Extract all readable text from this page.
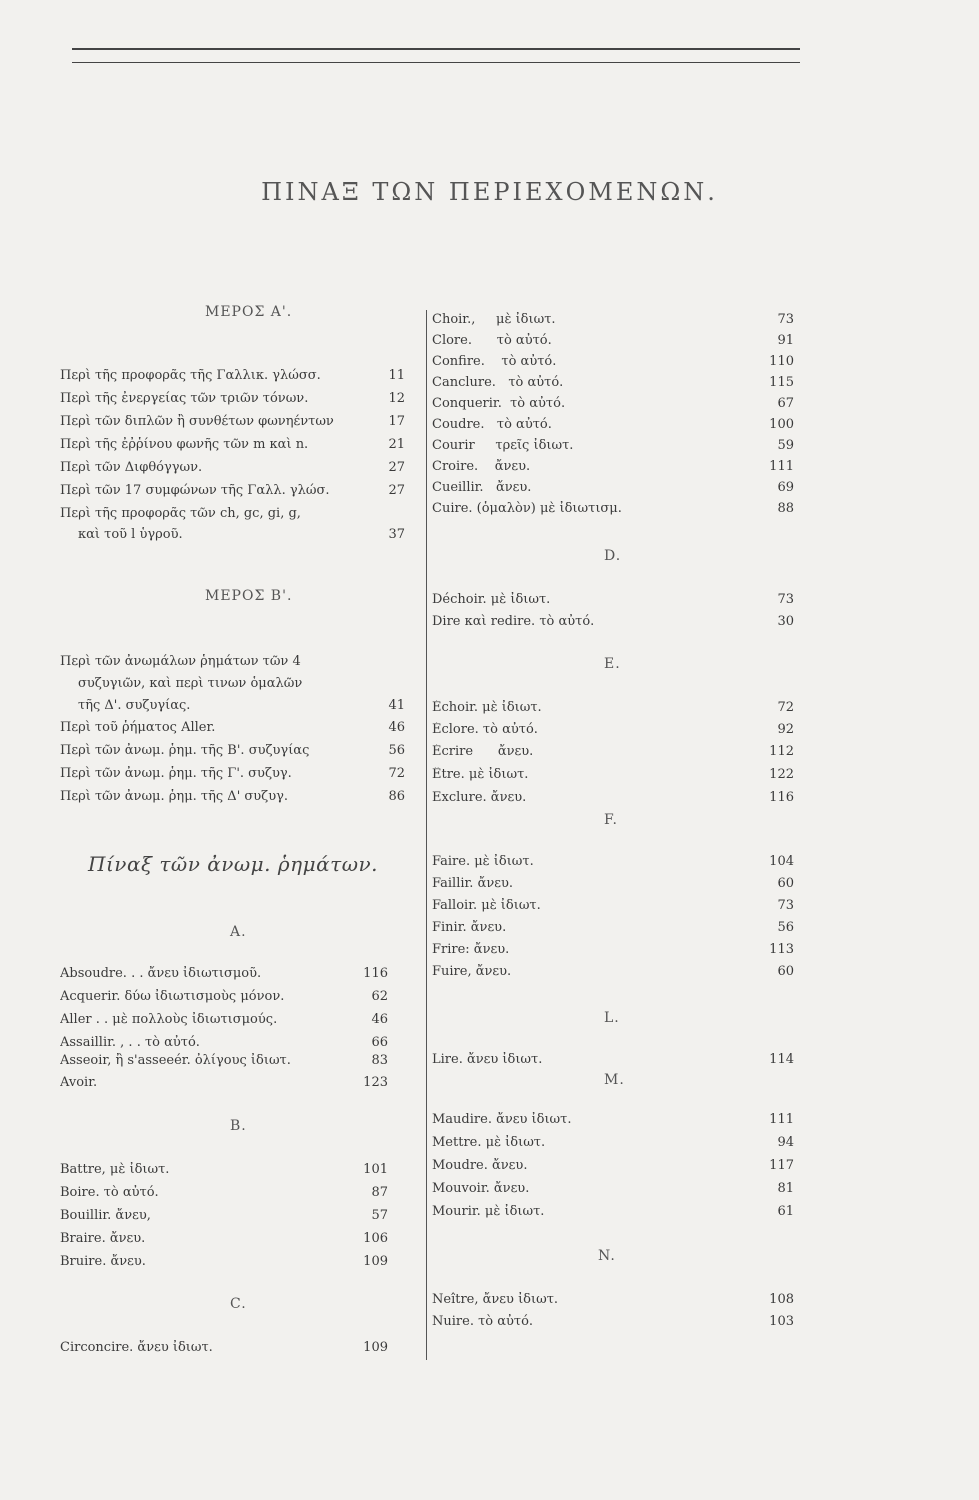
ΠΙΝΑΞ ΤΩΝ ΠΕΡΙΕΧΟΜΕΝΩΝ.
ΜΕΡΟΣ Α'.
Περὶ τῆς προφορᾶς τῆς Γαλλικ. γλώσσ.	11
Περὶ τῆς ἐνεργείας τῶν τριῶν τόνων.	12
Περὶ τῶν διπλῶν ἢ συνθέτων φωνηέντων	17
Περὶ τῆς ἐῤῥίνου φωνῆς τῶν m καὶ n.	21
Περὶ τῶν Διφθόγγων.	27
Περὶ τῶν 17 συμφώνων τῆς Γαλλ. γλώσ.	27
Περὶ τῆς προφορᾶς τῶν ch, gc, gi, g,
καὶ τοῦ l ὑγροῦ.	37
ΜΕΡΟΣ Β'.
Περὶ τῶν ἀνωμάλων ῥημάτων τῶν 4
συζυγιῶν, καὶ περὶ τινων ὁμαλῶν
τῆς Δ'. συζυγίας.	41
Περὶ τοῦ ῥήματος Aller.	46
Περὶ τῶν ἀνωμ. ῥημ. τῆς Β'. συζυγίας	56
Περὶ τῶν ἀνωμ. ῥημ. τῆς Γ'. συζυγ.	72
Περὶ τῶν ἀνωμ. ῥημ. τῆς Δ' συζυγ.	86
Πίναξ τῶν ἀνωμ. ῥημάτων.
A.
Absoudre. . . ἄνευ ἰδιωτισμοῦ.	116
Acquerir. δύω ἰδιωτισμοὺς μόνον.	62
Aller . . μὲ πολλοὺς ἰδιωτισμούς.	46
Assaillir. , . . τὸ αὐτό.	66
Asseoir, ἢ s'asseeér. ὀλίγους ἰδιωτ.	83
Avoir.	123
B.
Battre, μὲ ἰδιωτ.	101
Boire. τὸ αὐτό.	87
Bouillir. ἄνευ,	57
Braire. ἄνευ.	106
Bruire. ἄνευ.	109
C.
Circoncire. ἄνευ ἰδιωτ.	109
Choir.,     μὲ ἰδιωτ.	73
Clore.      τὸ αὐτό.	91
Confire.    τὸ αὐτό.	110
Canclure.   τὸ αὐτό.	115
Conquerir.  τὸ αὐτό.	67
Coudre.   τὸ αὐτό.	100
Courir     τρεῖς ἰδιωτ.	59
Croire.    ἄνευ.	111
Cueillir.   ἄνευ.	69
Cuire. (ὁμαλὸν) μὲ ἰδιωτισμ.	88
D.
Déchoir. μὲ ἰδιωτ.	73
Dire καὶ redire. τὸ αὐτό.	30
E.
Échoir. μὲ ἰδιωτ.	72
Éclore. τὸ αὐτό.	92
Écrire      ἄνευ.	112
Être. μὲ ἰδιωτ.	122
Exclure. ἄνευ.	116
F.
Faire. μὲ ἰδιωτ.	104
Faillir. ἄνευ.	60
Falloir. μὲ ἰδιωτ.	73
Finir. ἄνευ.	56
Frire: ἄνευ.	113
Fuire, ἄνευ.	60
L.
Lire. ἄνευ ἰδιωτ.	114
M.
Maudire. ἄνευ ἰδιωτ.	111
Mettre. μὲ ἰδιωτ.	94
Moudre. ἄνευ.	117
Mouvoir. ἄνευ.	81
Mourir. μὲ ἰδιωτ.	61
N.
Neître, ἄνευ ἰδιωτ.	108
Nuire. τὸ αὐτό.	103
